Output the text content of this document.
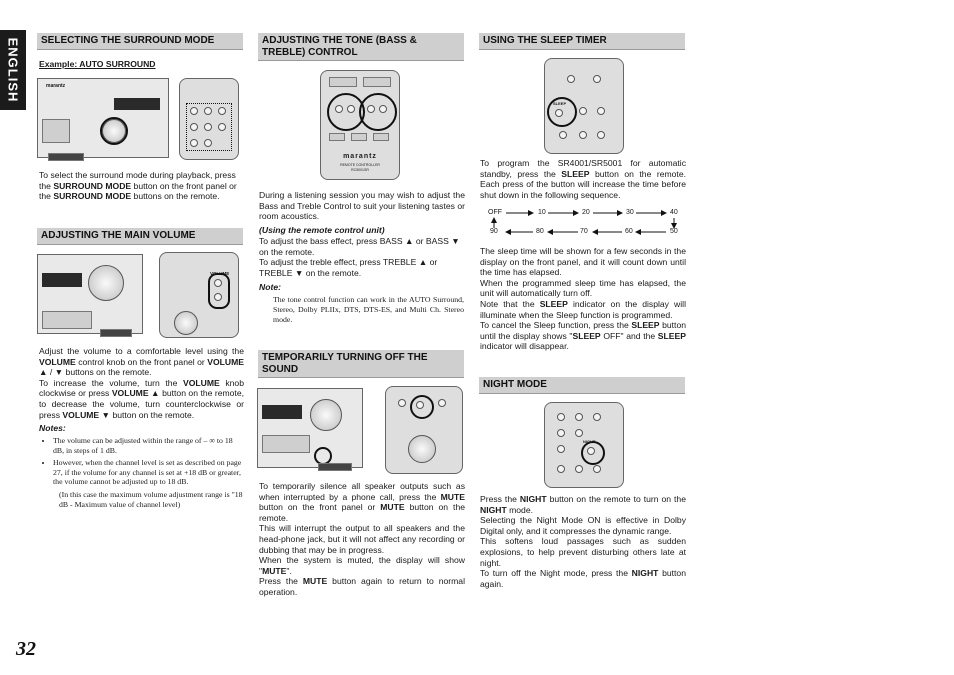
ENGLISH	SELECTING THE SURROUND MODE
Example: AUTO SURROUND
marantz
To select the surround mode during playback, press the SURROUND MODE button on the front panel or the SURROUND MODE buttons on the remote.
ADJUSTING THE MAIN VOLUME
VOLUME

Adjust the volume to a comfortable level using the VOLUME control knob on the front panel or VOLUME ▲ / ▼ buttons on the remote.

To increase the volume, turn the VOLUME knob clockwise or press VOLUME ▲ button on the remote, to decrease the volume, turn counterclockwise or press VOLUME ▼ button on the remote.

Notes:
• The volume can be adjusted within the range of – ∞ to 18 dB, in steps of 1 dB.
• However, when the channel level is set as described on page 27, if the volume for any channel is set at +18 dB or greater, the volume cannot be adjusted up to 18 dB.
(In this case the maximum volume adjustment range is "18 dB - Maximum value of channel level)
ADJUSTING THE TONE (BASS & TREBLE) CONTROL
marantz
REMOTE CONTROLLER
RC5001SR
During a listening session you may wish to adjust the Bass and Treble Control to suit your listening tastes or room acoustics.
(Using the remote control unit)
To adjust the bass effect, press BASS ▲ or BASS ▼ on the remote.
To adjust the treble effect, press TREBLE ▲ or TREBLE ▼ on the remote.
Note:
The tone control function can work in the AUTO Surround, Stereo, Dolby PLIIx, DTS, DTS-ES, and Multi Ch. Stereo mode.
TEMPORARILY TURNING OFF THE SOUND

To temporarily silence all speaker outputs such as when interrupted by a phone call, press the MUTE button on the front panel or MUTE button on the remote.

This will interrupt the output to all speakers and the head-phone jack, but it will not affect any recording or dubbing that may be in progress.

When the system is muted, the display will show "MUTE".

Press the MUTE button again to return to normal operation.

USING THE SLEEP TIMER
SLEEP
To program the SR4001/SR5001 for automatic standby, press the SLEEP button on the remote. Each press of the button will increase the time before shut down in the following sequence.
OFF	10	20	30	40
90	80	70	60	50

The sleep time will be shown for a few seconds in the display on the front panel, and it will count down until the time has elapsed.

When the programmed sleep time has elapsed, the unit will automatically turn off.

Note that the SLEEP indicator on the display will illuminate when the Sleep function is programmed.

To cancel the Sleep function, press the SLEEP button until the display shows "SLEEP OFF" and the SLEEP indicator will disappear.

NIGHT MODE
NIGHT

Press the NIGHT button on the remote to turn on the NIGHT mode.

Selecting the Night Mode ON is effective in Dolby Digital only, and it compresses the dynamic range.

This softens loud passages such as sudden explosions, to help prevent disturbing others late at night.

To turn off the Night mode, press the NIGHT button again.

32
